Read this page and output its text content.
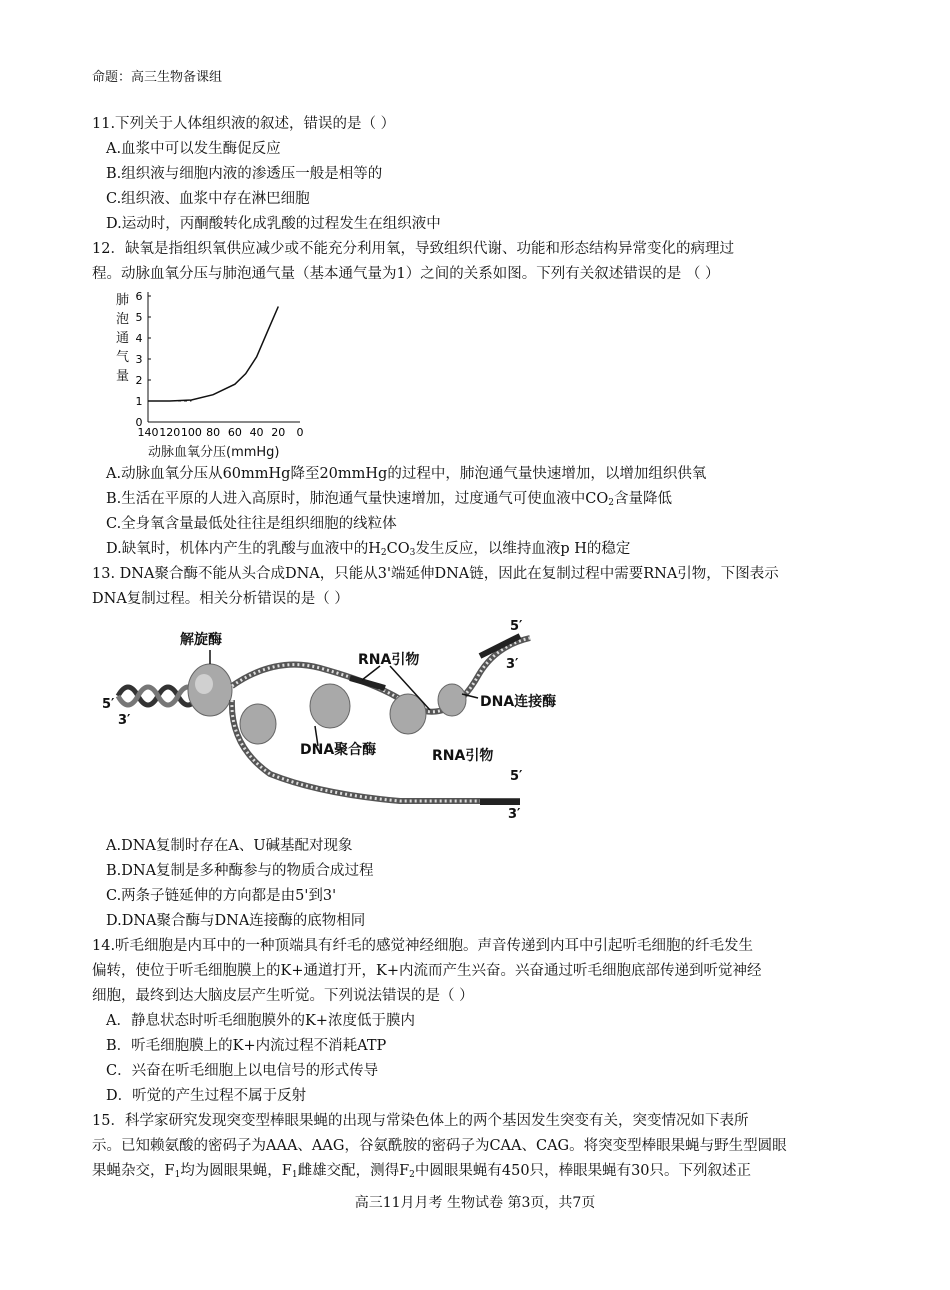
命题：高三生物备课组
11.下列关于人体组织液的叙述，错误的是（ ）
A.血浆中可以发生酶促反应
B.组织液与细胞内液的渗透压一般是相等的
C.组织液、血浆中存在淋巴细胞
D.运动时，丙酮酸转化成乳酸的过程发生在组织液中
12．缺氧是指组织氧供应减少或不能充分利用氧，导致组织代谢、功能和形态结构异常变化的病理过
程。动脉血氧分压与肺泡通气量（基本通气量为1）之间的关系如图。下列有关叙述错误的是 （ ）
肺
泡
通
气
量
0
1
2
3
4
5
6
140 120 100 80 60 40 20 0
动脉血氧分压(mmHg)
A.动脉血氧分压从60mmHg降至20mmHg的过程中，肺泡通气量快速增加，以增加组织供氧
B.生活在平原的人进入高原时，肺泡通气量快速增加，过度通气可使血液中$CO_2$含量降低
C.全身氧含量最低处往往是组织细胞的线粒体
D.缺氧时，机体内产生的乳酸与血液中的$H_2CO_3$发生反应，以维持血液p H的稳定
13. DNA聚合酶不能从头合成DNA，只能从3'端延伸DNA链，因此在复制过程中需要RNA引物，下图表示
DNA复制过程。相关分析错误的是（ ）
解旋酶
RNA引物
DNA连接酶
DNA聚合酶	RNA引物
5′
3′
5′
3′
5′
3′
A.DNA复制时存在A、U碱基配对现象
B.DNA复制是多种酶参与的物质合成过程
C.两条子链延伸的方向都是由5'到3'
D.DNA聚合酶与DNA连接酶的底物相同
14.听毛细胞是内耳中的一种顶端具有纤毛的感觉神经细胞。声音传递到内耳中引起听毛细胞的纤毛发生
偏转，使位于听毛细胞膜上的K+通道打开，K+内流而产生兴奋。兴奋通过听毛细胞底部传递到听觉神经
细胞，最终到达大脑皮层产生听觉。下列说法错误的是（ ）
A．静息状态时听毛细胞膜外的K+浓度低于膜内
B．听毛细胞膜上的K+内流过程不消耗ATP
C．兴奋在听毛细胞上以电信号的形式传导
D．听觉的产生过程不属于反射
15．科学家研究发现突变型棒眼果蝇的出现与常染色体上的两个基因发生突变有关，突变情况如下表所
示。已知赖氨酸的密码子为AAA、AAG，谷氨酰胺的密码子为CAA、CAG。将突变型棒眼果蝇与野生型圆眼
果蝇杂交，$F_1$均为圆眼果蝇，$F_1$雌雄交配，测得$F_2$中圆眼果蝇有450只，棒眼果蝇有30只。下列叙述正
高三11月月考 生物试卷 第3页，共7页
